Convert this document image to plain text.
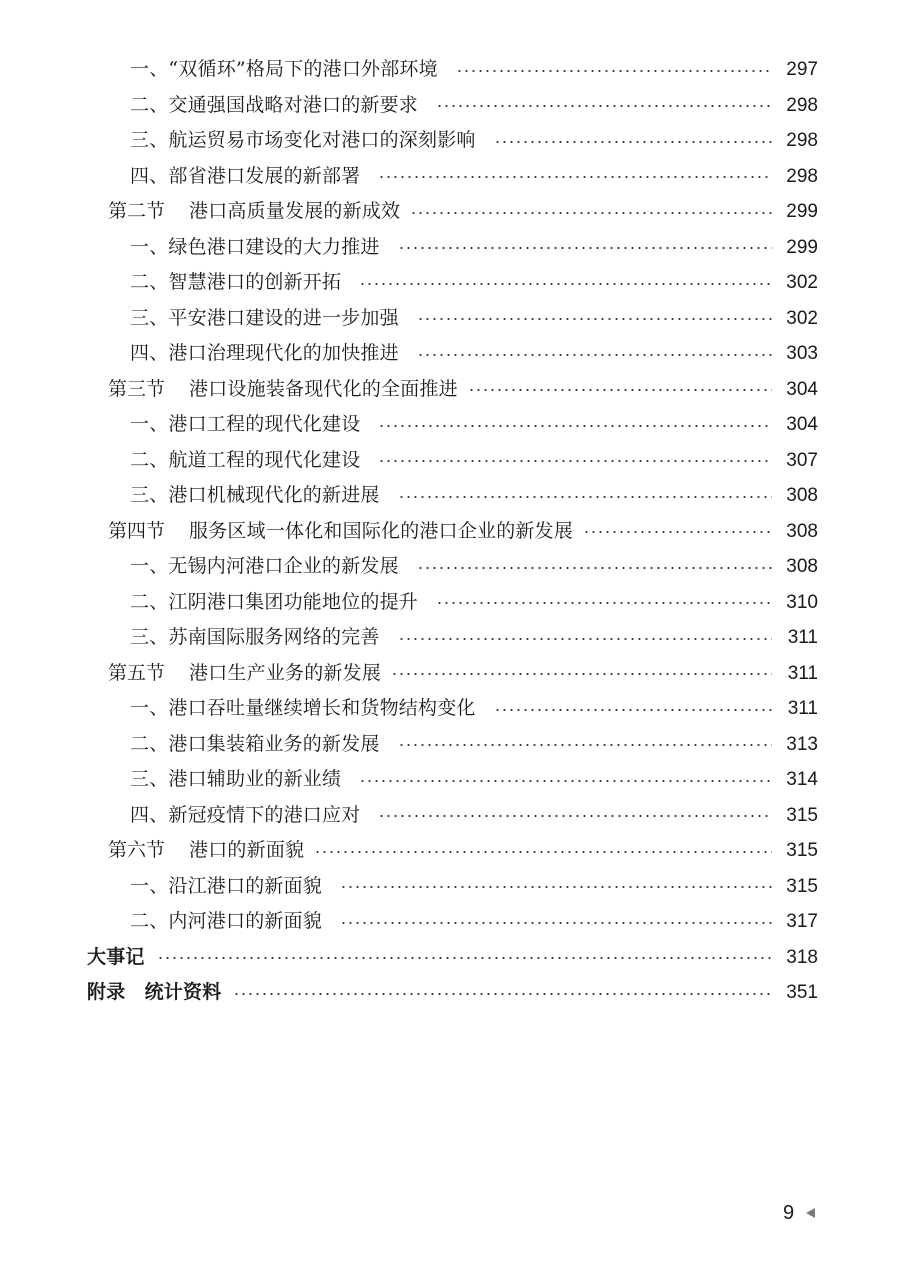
一、“双循环”格局下的港口外部环境	297
二、交通强国战略对港口的新要求	298
三、航运贸易市场变化对港口的深刻影响	298
四、部省港口发展的新部署	298
第二节 港口高质量发展的新成效	299
一、绿色港口建设的大力推进	299
二、智慧港口的创新开拓	302
三、平安港口建设的进一步加强	302
四、港口治理现代化的加快推进	303
第三节 港口设施装备现代化的全面推进	304
一、港口工程的现代化建设	304
二、航道工程的现代化建设	307
三、港口机械现代化的新进展	308
第四节 服务区域一体化和国际化的港口企业的新发展	308
一、无锡内河港口企业的新发展	308
二、江阴港口集团功能地位的提升	310
三、苏南国际服务网络的完善	311
第五节 港口生产业务的新发展	311
一、港口吞吐量继续增长和货物结构变化	311
二、港口集装箱业务的新发展	313
三、港口辅助业的新业绩	314
四、新冠疫情下的港口应对	315
第六节 港口的新面貌	315
一、沿江港口的新面貌	315
二、内河港口的新面貌	317
大事记	318
附录　统计资料	351
9
